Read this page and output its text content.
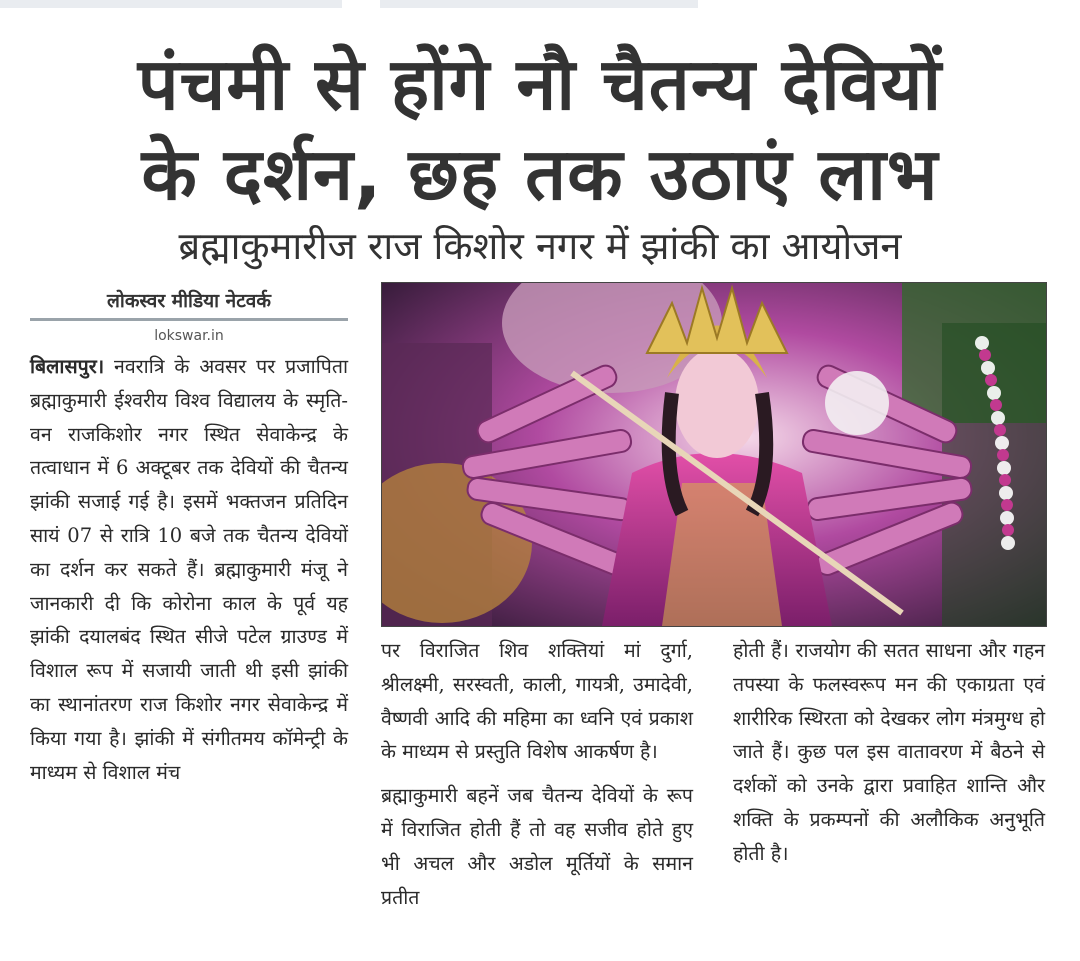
पंचमी से होंगे नौ चैतन्य देवियों
के दर्शन, छह तक उठाएं लाभ
ब्रह्माकुमारीज राज किशोर नगर में झांकी का आयोजन
लोकस्वर मीडिया नेटवर्क
lokswar.in

बिलासपुर। नवरात्रि के अवसर पर प्रजापिता ब्रह्माकुमारी ईश्वरीय विश्व विद्यालय के स्मृति-वन राजकिशोर नगर स्थित सेवाकेन्द्र के तत्वाधान में 6 अक्टूबर तक देवियों की चैतन्य झांकी सजाई गई है। इसमें भक्तजन प्रतिदिन सायं 07 से रात्रि 10 बजे तक चैतन्य देवियों का दर्शन कर सकते हैं। ब्रह्माकुमारी मंजू ने जानकारी दी कि कोरोना काल के पूर्व यह झांकी दयालबंद स्थित सीजे पटेल ग्राउण्ड में विशाल रूप में सजायी जाती थी इसी झांकी का स्थानांतरण राज किशोर नगर सेवाकेन्द्र में किया गया है। झांकी में संगीतमय कॉमेन्ट्री के माध्यम से विशाल मंच

पर विराजित शिव शक्तियां मां दुर्गा, श्रीलक्ष्मी, सरस्वती, काली, गायत्री, उमादेवी, वैष्णवी आदि की महिमा का ध्वनि एवं प्रकाश के माध्यम से प्रस्तुति विशेष आकर्षण है।

ब्रह्माकुमारी बहनें जब चैतन्य देवियों के रूप में विराजित होती हैं तो वह सजीव होते हुए भी अचल और अडोल मूर्तियों के समान प्रतीत

होती हैं। राजयोग की सतत साधना और गहन तपस्या के फलस्वरूप मन की एकाग्रता एवं शारीरिक स्थिरता को देखकर लोग मंत्रमुग्ध हो जाते हैं। कुछ पल इस वातावरण में बैठने से दर्शकों को उनके द्वारा प्रवाहित शान्ति और शक्ति के प्रकम्पनों की अलौकिक अनुभूति होती है।
